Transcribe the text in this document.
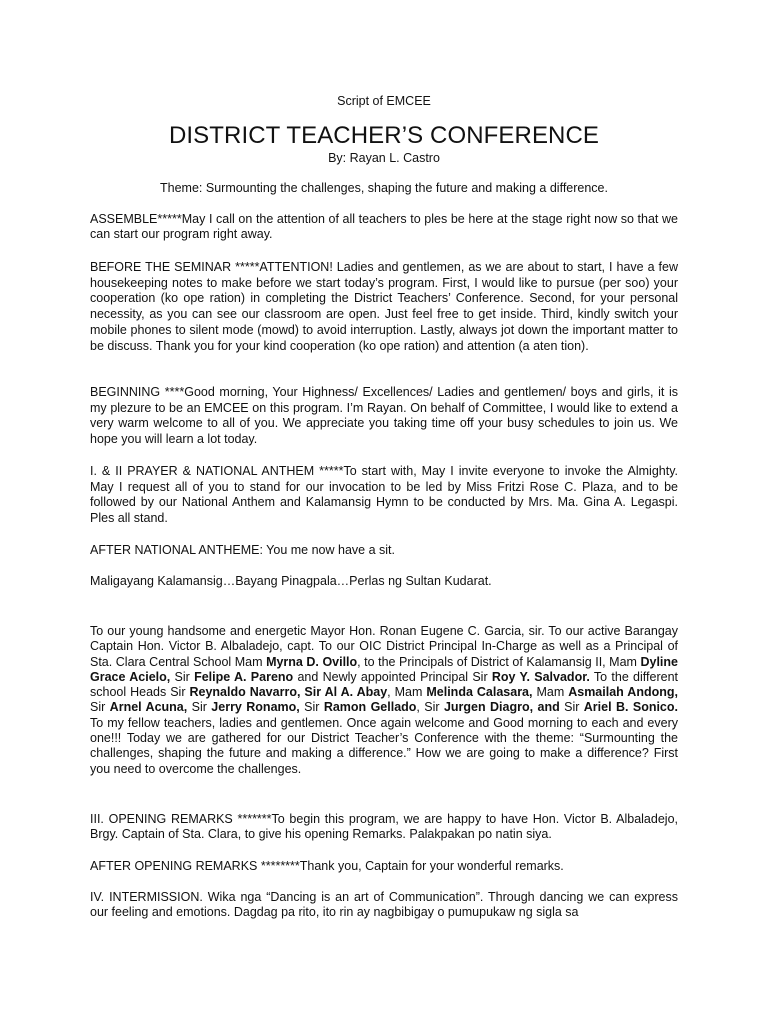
Script of EMCEE
DISTRICT TEACHER’S CONFERENCE
By: Rayan L. Castro
Theme: Surmounting the challenges, shaping the future and making a difference.

ASSEMBLE*****May I call on the attention of all teachers to ples be here at the stage right now so that we can start our program right away.

BEFORE THE SEMINAR *****ATTENTION! Ladies and gentlemen, as we are about to start, I have a few housekeeping notes to make before we start today’s program. First, I would like to pursue (per soo) your cooperation (ko ope ration) in completing the District Teachers’ Conference. Second, for your personal necessity, as you can see our classroom are open. Just feel free to get inside. Third, kindly switch your mobile phones to silent mode (mowd) to avoid interruption. Lastly, always jot down the important matter to be discuss. Thank you for your kind cooperation (ko ope ration) and attention (a aten tion).

BEGINNING ****Good morning, Your Highness/ Excellences/ Ladies and gentlemen/ boys and girls, it is my plezure to be an EMCEE on this program. I’m Rayan. On behalf of Committee, I would like to extend a very warm welcome to all of you. We appreciate you taking time off your busy schedules to join us. We hope you will learn a lot today.

I. & II PRAYER & NATIONAL ANTHEM *****To start with, May I invite everyone to invoke the Almighty. May I request all of you to stand for our invocation to be led by Miss Fritzi Rose C. Plaza, and to be followed by our National Anthem and Kalamansig Hymn to be conducted by Mrs. Ma. Gina A. Legaspi. Ples all stand.

AFTER NATIONAL ANTHEME: You me now have a sit.

Maligayang Kalamansig…Bayang Pinagpala…Perlas ng Sultan Kudarat.

To our young handsome and energetic Mayor Hon. Ronan Eugene C. Garcia, sir. To our active Barangay Captain Hon. Victor B. Albaladejo, capt. To our OIC District Principal In-Charge as well as a Principal of Sta. Clara Central School Mam Myrna D. Ovillo, to the Principals of District of Kalamansig II, Mam Dyline Grace Acielo, Sir Felipe A. Pareno and Newly appointed Principal Sir Roy Y. Salvador. To the different school Heads Sir Reynaldo Navarro, Sir Al A. Abay, Mam Melinda Calasara, Mam Asmailah Andong, Sir Arnel Acuna, Sir Jerry Ronamo, Sir Ramon Gellado, Sir Jurgen Diagro, and Sir Ariel B. Sonico. To my fellow teachers, ladies and gentlemen. Once again welcome and Good morning to each and every one!!! Today we are gathered for our District Teacher’s Conference with the theme: “Surmounting the challenges, shaping the future and making a difference.” How we are going to make a difference? First you need to overcome the challenges.

III. OPENING REMARKS *******To begin this program, we are happy to have Hon. Victor B. Albaladejo, Brgy. Captain of Sta. Clara, to give his opening Remarks. Palakpakan po natin siya.

AFTER OPENING REMARKS ********Thank you, Captain for your wonderful remarks.

IV. INTERMISSION. Wika nga “Dancing is an art of Communication”. Through dancing we can express our feeling and emotions. Dagdag pa rito, ito rin ay nagbibigay o pumupukaw ng sigla sa
